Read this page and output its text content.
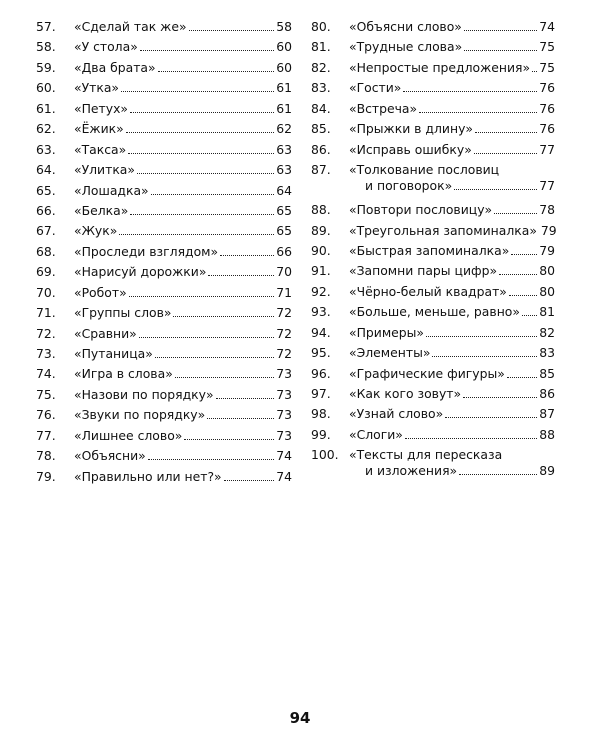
57. «Сделай так же»	58
58. «У стола»	60
59. «Два брата»	60
60. «Утка»	61
61. «Петух»	61
62. «Ёжик»	62
63. «Такса»	63
64. «Улитка»	63
65. «Лошадка»	64
66. «Белка»	65
67. «Жук»	65
68. «Проследи взглядом»	66
69. «Нарисуй дорожки»	70
70. «Робот»	71
71. «Группы слов»	72
72. «Сравни»	72
73. «Путаница»	72
74. «Игра в слова»	73
75. «Назови по порядку»	73
76. «Звуки по порядку»	73
77. «Лишнее слово»	73
78. «Объясни»	74
79. «Правильно или нет?»	74
80. «Объясни слово»	74
81. «Трудные слова»	75
82. «Непростые предложения» 75
83. «Гости»	76
84. «Встреча»	76
85. «Прыжки в длину»	76
86. «Исправь ошибку»	77
87. «Толкование пословиц
и поговорок»	77
88. «Повтори пословицу»	78
89. «Треугольная запоминалка» 79
90. «Быстрая запоминалка» 79
91. «Запомни пары цифр»	80
92. «Чёрно-белый квадрат»	80
93. «Больше, меньше, равно» 81
94. «Примеры»	82
95. «Элементы»	83
96. «Графические фигуры»	85
97. «Как кого зовут»	86
98. «Узнай слово»	87
99. «Слоги»	88
100. «Тексты для пересказа
и изложения»	89
94
